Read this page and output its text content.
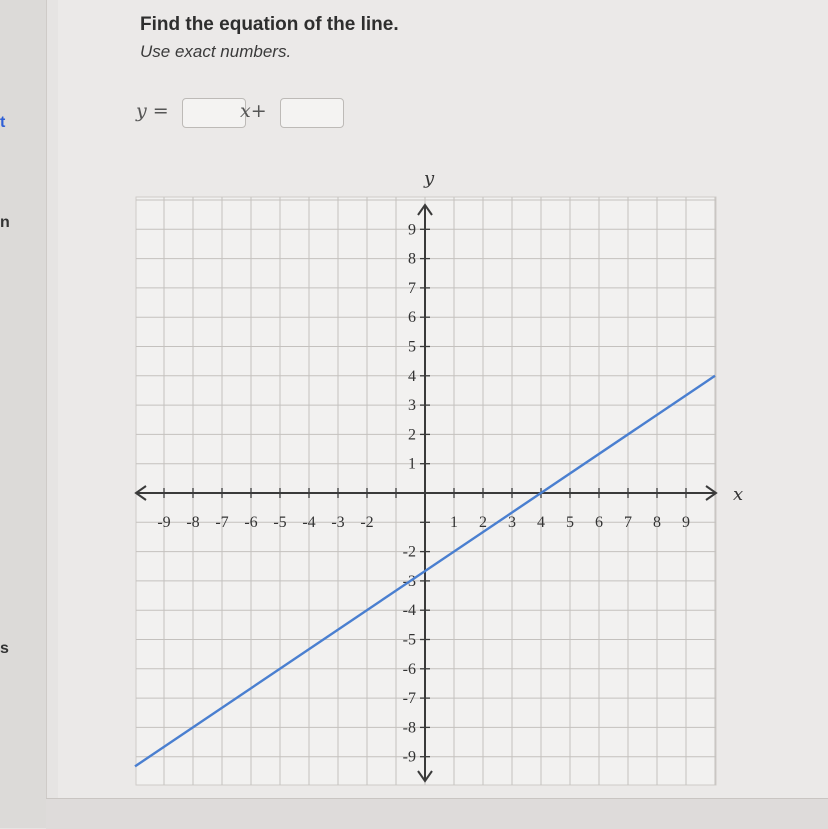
t
n
s
Find the equation of the line.
Use exact numbers.
y =	x+
-9 -8 -7 -6 -5 -4 -3 -2	1 2 3 4 5 6 7 8 9
9
8
7
6
5
4
3
2
1
-2
-3
-4
-5
-6
-7
-8
-9
x
y
